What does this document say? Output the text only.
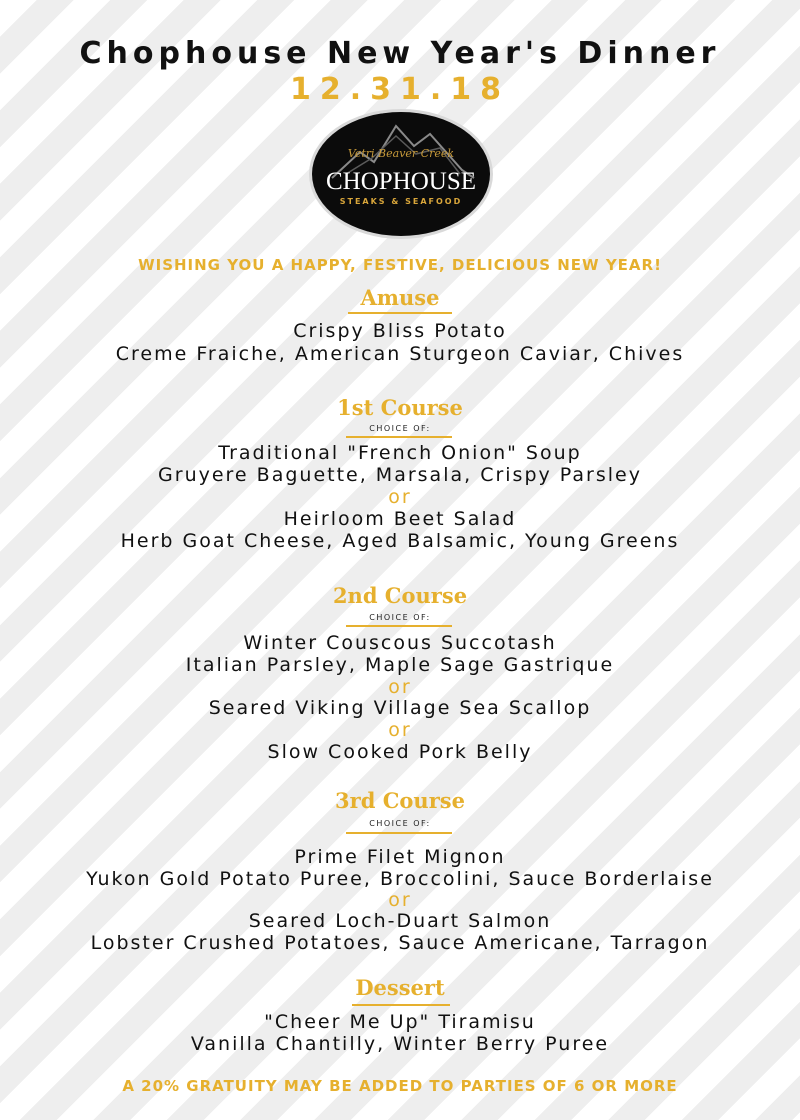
Chophouse New Year's Dinner
12.31.18
Vetri Beaver Creek
CHOPHOUSE
STEAKS & SEAFOOD
WISHING YOU A HAPPY, FESTIVE, DELICIOUS NEW YEAR!
Amuse
Crispy Bliss Potato
Creme Fraiche, American Sturgeon Caviar, Chives
1st Course
CHOICE OF:
Traditional "French Onion" Soup
Gruyere Baguette, Marsala, Crispy Parsley
or
Heirloom Beet Salad
Herb Goat Cheese, Aged Balsamic, Young Greens
2nd Course
CHOICE OF:
Winter Couscous Succotash
Italian Parsley, Maple Sage Gastrique
or
Seared Viking Village Sea Scallop
or
Slow Cooked Pork Belly
3rd Course
CHOICE OF:
Prime Filet Mignon
Yukon Gold Potato Puree, Broccolini, Sauce Borderlaise
or
Seared Loch-Duart Salmon
Lobster Crushed Potatoes, Sauce Americane, Tarragon
Dessert
"Cheer Me Up" Tiramisu
Vanilla Chantilly, Winter Berry Puree
A 20% GRATUITY MAY BE ADDED TO PARTIES OF 6 OR MORE
